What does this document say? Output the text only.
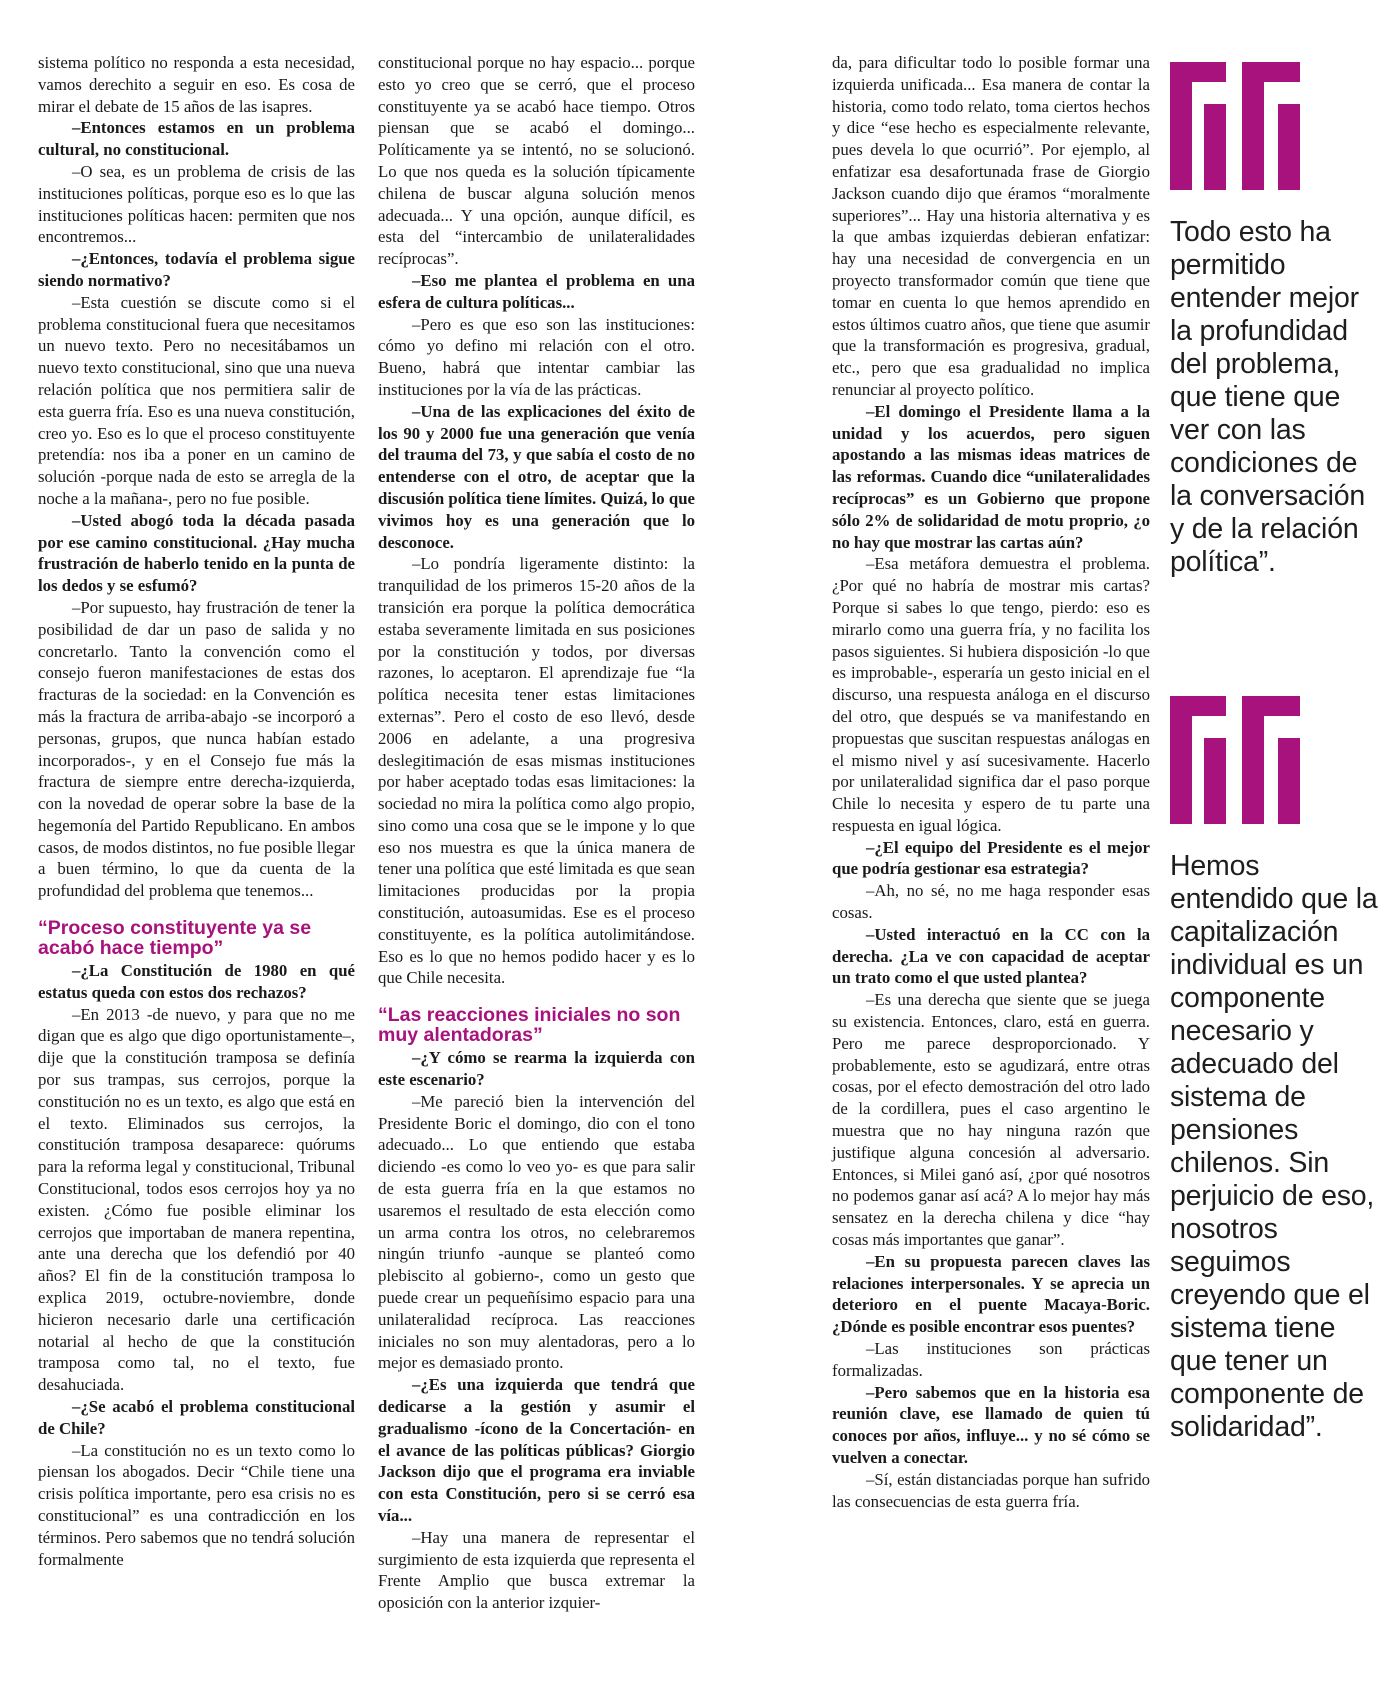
sistema político no responda a esta necesidad, vamos derechito a seguir en eso. Es cosa de mirar el debate de 15 años de las isapres.

–Entonces estamos en un problema cultural, no constitucional.

–O sea, es un problema de crisis de las instituciones políticas, porque eso es lo que las instituciones políticas hacen: permiten que nos encontremos...

–¿Entonces, todavía el problema sigue siendo normativo?

–Esta cuestión se discute como si el problema constitucional fuera que necesitamos un nuevo texto. Pero no necesitábamos un nuevo texto constitucional, sino que una nueva relación política que nos permitiera salir de esta guerra fría. Eso es una nueva constitución, creo yo. Eso es lo que el proceso constituyente pretendía: nos iba a poner en un camino de solución -porque nada de esto se arregla de la noche a la mañana-, pero no fue posible.

–Usted abogó toda la década pasada por ese camino constitucional. ¿Hay mucha frustración de haberlo tenido en la punta de los dedos y se esfumó?

–Por supuesto, hay frustración de tener la posibilidad de dar un paso de salida y no concretarlo. Tanto la convención como el consejo fueron manifestaciones de estas dos fracturas de la sociedad: en la Convención es más la fractura de arriba-abajo -se incorporó a personas, grupos, que nunca habían estado incorporados-, y en el Consejo fue más la fractura de siempre entre derecha-izquierda, con la novedad de operar sobre la base de la hegemonía del Partido Republicano. En ambos casos, de modos distintos, no fue posible llegar a buen término, lo que da cuenta de la profundidad del problema que tenemos...

“Proceso constituyente ya se acabó hace tiempo”

–¿La Constitución de 1980 en qué estatus queda con estos dos rechazos?

–En 2013 -de nuevo, y para que no me digan que es algo que digo oportunistamente–, dije que la constitución tramposa se definía por sus trampas, sus cerrojos, porque la constitución no es un texto, es algo que está en el texto. Eliminados sus cerrojos, la constitución tramposa desaparece: quórums para la reforma legal y constitucional, Tribunal Constitucional, todos esos cerrojos hoy ya no existen. ¿Cómo fue posible eliminar los cerrojos que importaban de manera repentina, ante una derecha que los defendió por 40 años? El fin de la constitución tramposa lo explica 2019, octubre-noviembre, donde hicieron necesario darle una certificación notarial al hecho de que la constitución tramposa como tal, no el texto, fue desahuciada.

–¿Se acabó el problema constitucional de Chile?

–La constitución no es un texto como lo piensan los abogados. Decir “Chile tiene una crisis política importante, pero esa crisis no es constitucional” es una contradicción en los términos. Pero sabemos que no tendrá solución formalmente

constitucional porque no hay espacio... porque esto yo creo que se cerró, que el proceso constituyente ya se acabó hace tiempo. Otros piensan que se acabó el domingo... Políticamente ya se intentó, no se solucionó. Lo que nos queda es la solución típicamente chilena de buscar alguna solución menos adecuada... Y una opción, aunque difícil, es esta del “intercambio de unilateralidades recíprocas”.

–Eso me plantea el problema en una esfera de cultura políticas...

–Pero es que eso son las instituciones: cómo yo defino mi relación con el otro. Bueno, habrá que intentar cambiar las instituciones por la vía de las prácticas.

–Una de las explicaciones del éxito de los 90 y 2000 fue una generación que venía del trauma del 73, y que sabía el costo de no entenderse con el otro, de aceptar que la discusión política tiene límites. Quizá, lo que vivimos hoy es una generación que lo desconoce.

–Lo pondría ligeramente distinto: la tranquilidad de los primeros 15-20 años de la transición era porque la política democrática estaba severamente limitada en sus posiciones por la constitución y todos, por diversas razones, lo aceptaron. El aprendizaje fue “la política necesita tener estas limitaciones externas”. Pero el costo de eso llevó, desde 2006 en adelante, a una progresiva deslegitimación de esas mismas instituciones por haber aceptado todas esas limitaciones: la sociedad no mira la política como algo propio, sino como una cosa que se le impone y lo que eso nos muestra es que la única manera de tener una política que esté limitada es que sean limitaciones producidas por la propia constitución, autoasumidas. Ese es el proceso constituyente, es la política autolimitándose. Eso es lo que no hemos podido hacer y es lo que Chile necesita.

“Las reacciones iniciales no son muy alentadoras”

–¿Y cómo se rearma la izquierda con este escenario?

–Me pareció bien la intervención del Presidente Boric el domingo, dio con el tono adecuado... Lo que entiendo que estaba diciendo -es como lo veo yo- es que para salir de esta guerra fría en la que estamos no usaremos el resultado de esta elección como un arma contra los otros, no celebraremos ningún triunfo -aunque se planteó como plebiscito al gobierno-, como un gesto que puede crear un pequeñísimo espacio para una unilateralidad recíproca. Las reacciones iniciales no son muy alentadoras, pero a lo mejor es demasiado pronto.

–¿Es una izquierda que tendrá que dedicarse a la gestión y asumir el gradualismo -ícono de la Concertación- en el avance de las políticas públicas? Giorgio Jackson dijo que el programa era inviable con esta Constitución, pero si se cerró esa vía...

–Hay una manera de representar el surgimiento de esta izquierda que representa el Frente Amplio que busca extremar la oposición con la anterior izquier-

da, para dificultar todo lo posible formar una izquierda unificada... Esa manera de contar la historia, como todo relato, toma ciertos hechos y dice “ese hecho es especialmente relevante, pues devela lo que ocurrió”. Por ejemplo, al enfatizar esa desafortunada frase de Giorgio Jackson cuando dijo que éramos “moralmente superiores”... Hay una historia alternativa y es la que ambas izquierdas debieran enfatizar: hay una necesidad de convergencia en un proyecto transformador común que tiene que tomar en cuenta lo que hemos aprendido en estos últimos cuatro años, que tiene que asumir que la transformación es progresiva, gradual, etc., pero que esa gradualidad no implica renunciar al proyecto político.

–El domingo el Presidente llama a la unidad y los acuerdos, pero siguen apostando a las mismas ideas matrices de las reformas. Cuando dice “unilateralidades recíprocas” es un Gobierno que propone sólo 2% de solidaridad de motu proprio, ¿o no hay que mostrar las cartas aún?

–Esa metáfora demuestra el problema. ¿Por qué no habría de mostrar mis cartas? Porque si sabes lo que tengo, pierdo: eso es mirarlo como una guerra fría, y no facilita los pasos siguientes. Si hubiera disposición -lo que es improbable-, esperaría un gesto inicial en el discurso, una respuesta análoga en el discurso del otro, que después se va manifestando en propuestas que suscitan respuestas análogas en el mismo nivel y así sucesivamente. Hacerlo por unilateralidad significa dar el paso porque Chile lo necesita y espero de tu parte una respuesta en igual lógica.

–¿El equipo del Presidente es el mejor que podría gestionar esa estrategia?

–Ah, no sé, no me haga responder esas cosas.

–Usted interactuó en la CC con la derecha. ¿La ve con capacidad de aceptar un trato como el que usted plantea?

–Es una derecha que siente que se juega su existencia. Entonces, claro, está en guerra. Pero me parece desproporcionado. Y probablemente, esto se agudizará, entre otras cosas, por el efecto demostración del otro lado de la cordillera, pues el caso argentino le muestra que no hay ninguna razón que justifique alguna concesión al adversario. Entonces, si Milei ganó así, ¿por qué nosotros no podemos ganar así acá? A lo mejor hay más sensatez en la derecha chilena y dice “hay cosas más importantes que ganar”.

–En su propuesta parecen claves las relaciones interpersonales. Y se aprecia un deterioro en el puente Macaya-Boric. ¿Dónde es posible encontrar esos puentes?

–Las instituciones son prácticas formalizadas.

–Pero sabemos que en la historia esa reunión clave, ese llamado de quien tú conoces por años, influye... y no sé cómo se vuelven a conectar.

–Sí, están distanciadas porque han sufrido las consecuencias de esta guerra fría.

Todo esto ha permitido entender mejor la profundidad del problema, que tiene que ver con las condiciones de la conversación y de la relación política”.
Hemos entendido que la capitalización individual es un componente necesario y adecuado del sistema de pensiones chilenos. Sin perjuicio de eso, nosotros seguimos creyendo que el sistema tiene que tener un componente de solidaridad”.
